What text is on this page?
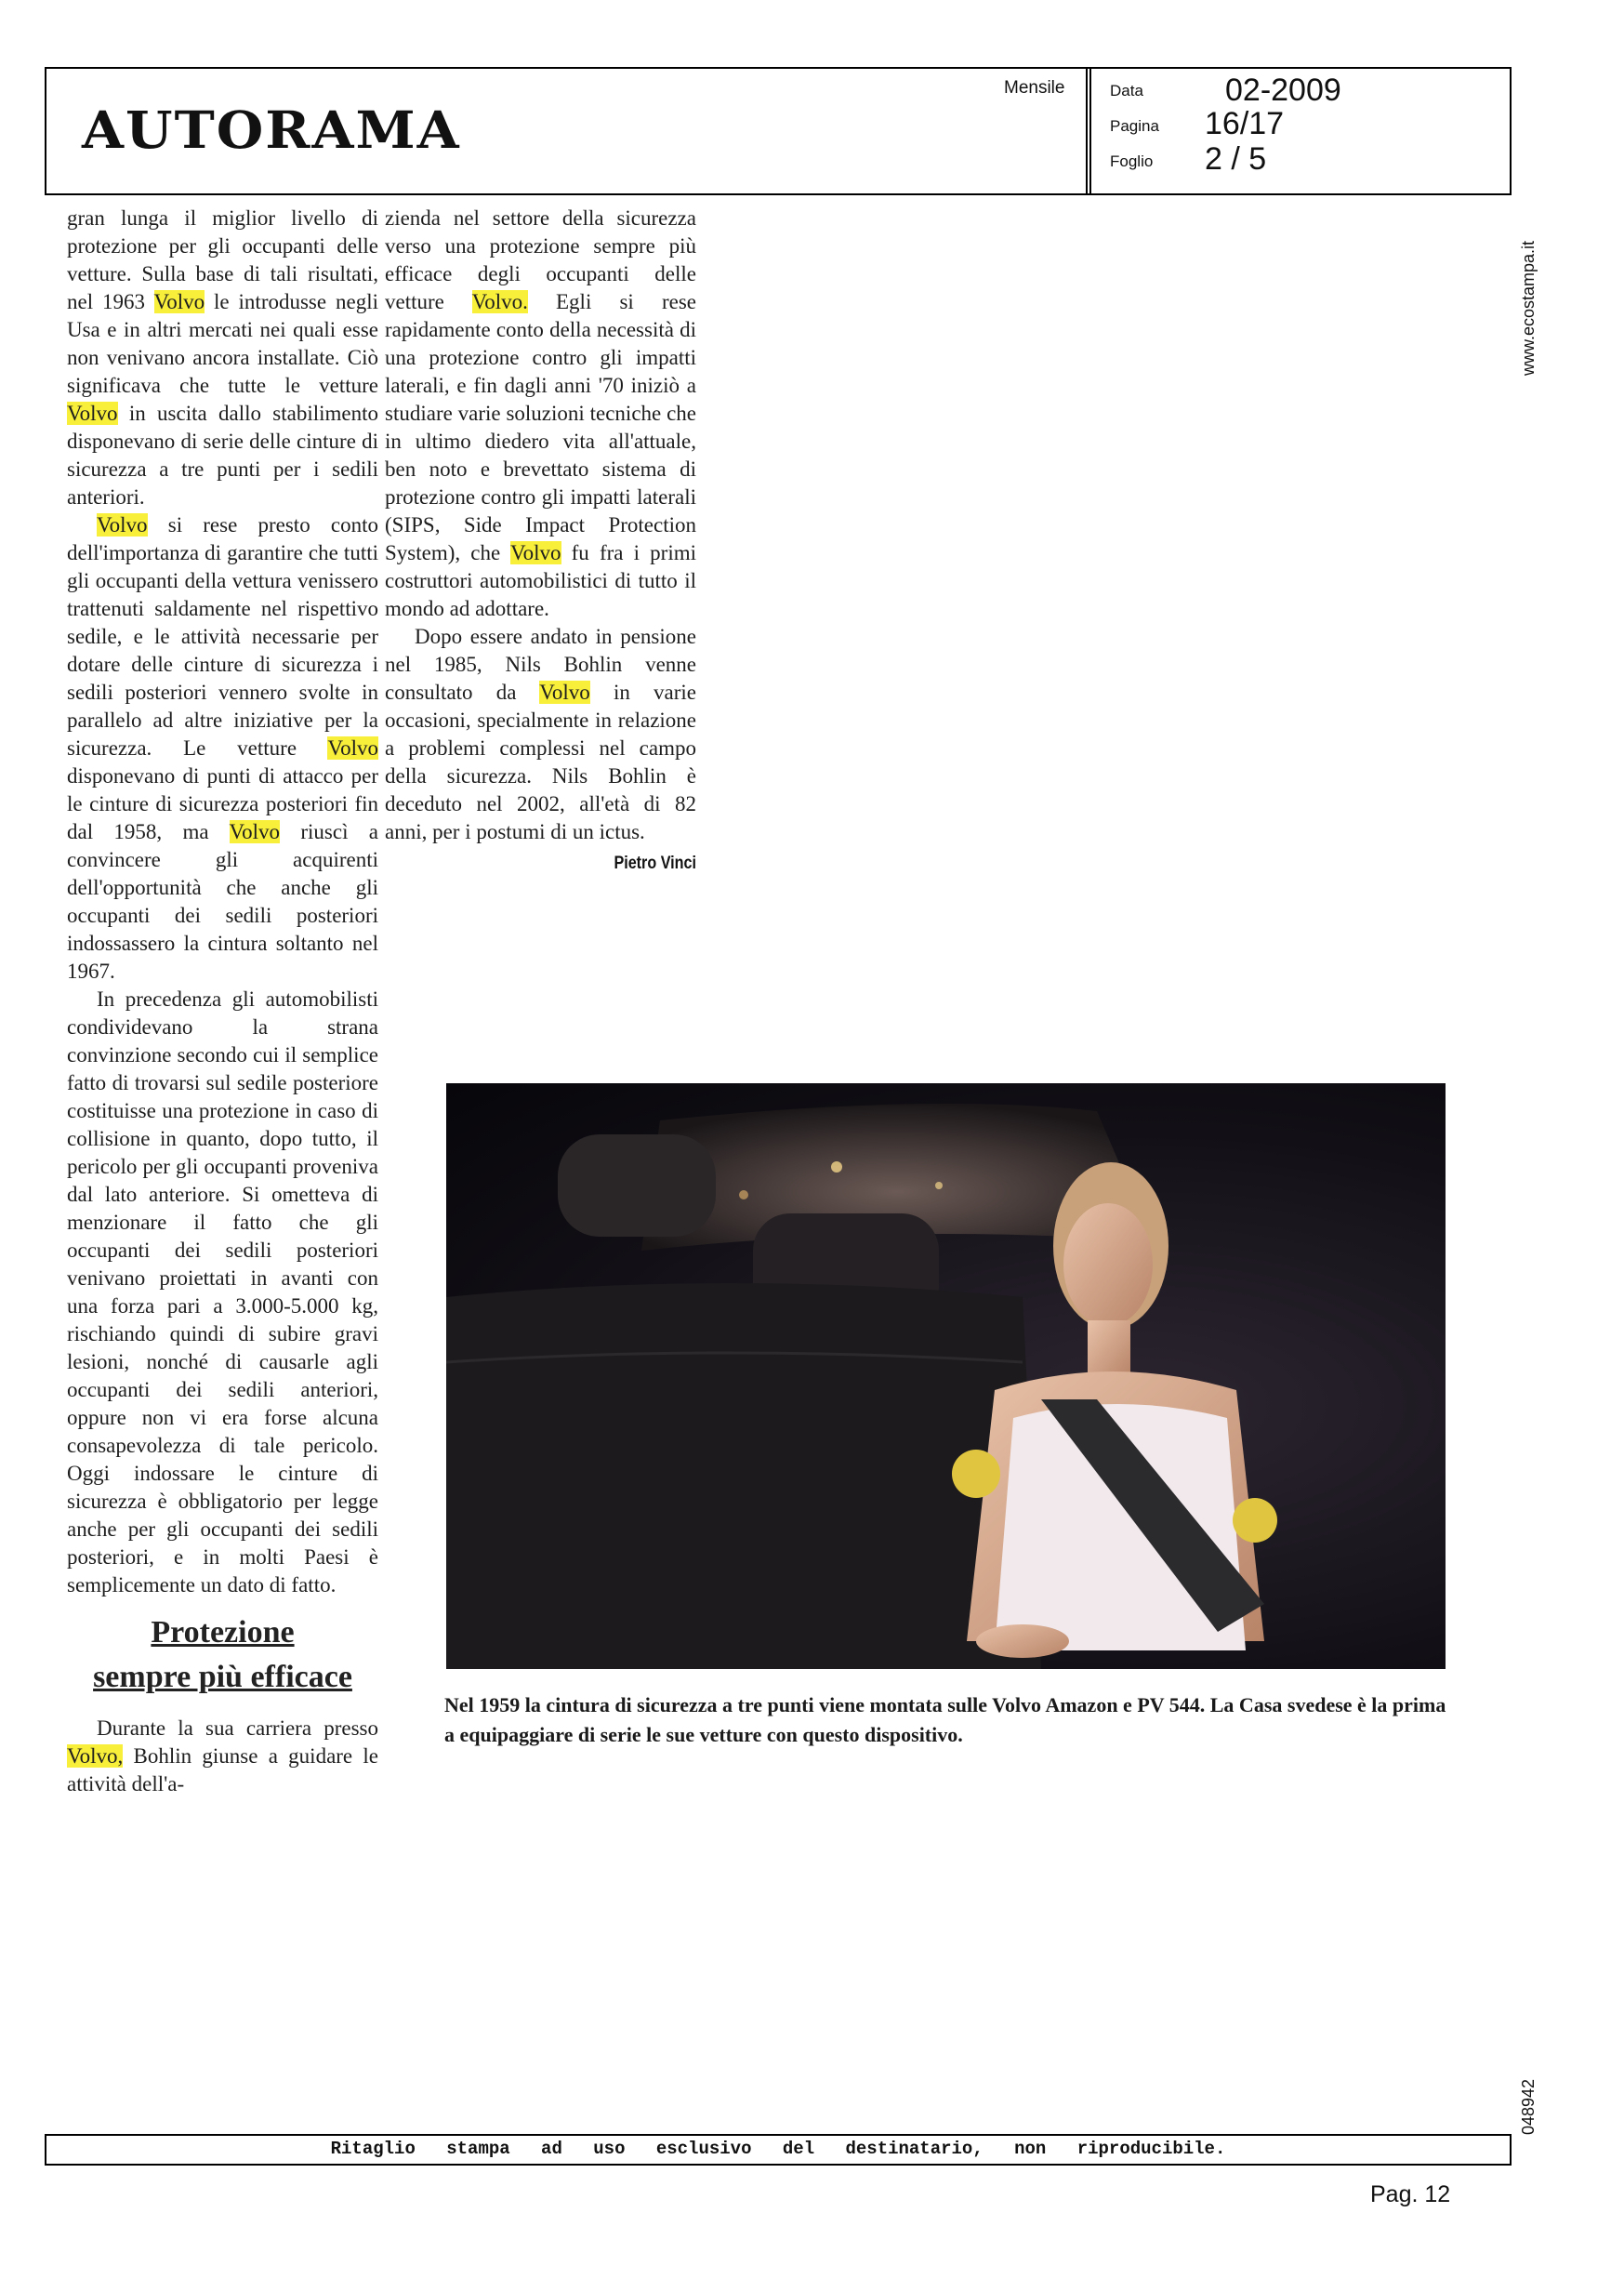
AUTORAMA
Mensile	Data	02-2009
Pagina 16/17
Foglio 2 / 5
www.ecostampa.it
048942

gran lunga il miglior livello di protezione per gli occupanti delle vetture. Sulla base di tali risultati, nel 1963 Volvo le introdusse negli Usa e in altri mercati nei quali esse non venivano ancora installate. Ciò significava che tutte le vetture Volvo in uscita dallo stabilimento disponevano di serie delle cinture di sicurezza a tre punti per i sedili anteriori.

Volvo si rese presto conto dell'importanza di garantire che tutti gli occupanti della vettura venissero trattenuti saldamente nel rispettivo sedile, e le attività necessarie per dotare delle cinture di sicurezza i sedili posteriori vennero svolte in parallelo ad altre iniziative per la sicurezza. Le vetture Volvo disponevano di punti di attacco per le cinture di sicurezza posteriori fin dal 1958, ma Volvo riuscì a convincere gli acquirenti dell'opportunità che anche gli occupanti dei sedili posteriori indossassero la cintura soltanto nel 1967.

In precedenza gli automobilisti condividevano la strana convinzione secondo cui il semplice fatto di trovarsi sul sedile posteriore costituisse una protezione in caso di collisione in quanto, dopo tutto, il pericolo per gli occupanti proveniva dal lato anteriore. Si ometteva di menzionare il fatto che gli occupanti dei sedili posteriori venivano proiettati in avanti con una forza pari a 3.000-5.000 kg, rischiando quindi di subire gravi lesioni, nonché di causarle agli occupanti dei sedili anteriori, oppure non vi era forse alcuna consapevolezza di tale pericolo. Oggi indossare le cinture di sicurezza è obbligatorio per legge anche per gli occupanti dei sedili posteriori, e in molti Paesi è semplicemente un dato di fatto.

Protezione
sempre più efficace

Durante la sua carriera presso Volvo, Bohlin giunse a guidare le attività dell'a-

zienda nel settore della sicurezza verso una protezione sempre più efficace degli occupanti delle vetture Volvo. Egli si rese rapidamente conto della necessità di una protezione contro gli impatti laterali, e fin dagli anni '70 iniziò a studiare varie soluzioni tecniche che in ultimo diedero vita all'attuale, ben noto e brevettato sistema di protezione contro gli impatti laterali (SIPS, Side Impact Protection System), che Volvo fu fra i primi costruttori automobilistici di tutto il mondo ad adottare.

Dopo essere andato in pensione nel 1985, Nils Bohlin venne consultato da Volvo in varie occasioni, specialmente in relazione a problemi complessi nel campo della sicurezza. Nils Bohlin è deceduto nel 2002, all'età di 82 anni, per i postumi di un ictus.

Pietro Vinci
Nel 1959 la cintura di sicurezza a tre punti viene montata sulle Volvo Amazon e PV 544. La Casa svedese è la prima a equipaggiare di serie le sue vetture con questo dispositivo.
Ritaglio stampa ad uso esclusivo del destinatario, non riproducibile.
Pag. 12
